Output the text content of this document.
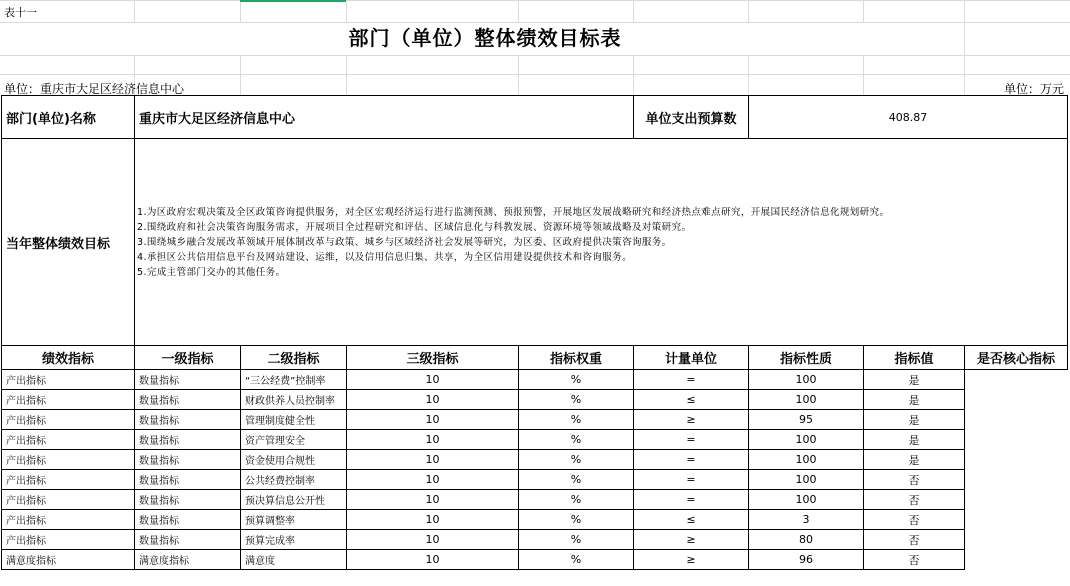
表十一
部门（单位）整体绩效目标表
单位：重庆市大足区经济信息中心	单位：万元
部门(单位)名称	重庆市大足区经济信息中心				单位支出预算数	408.87		
当年整体绩效目标	1.为区政府宏观决策及全区政策咨询提供服务，对全区宏观经济运行进行监测预测、预报预警，开展地区发展战略研究和经济热点难点研究，开展国民经济信息化规划研究。
2.围绕政府和社会决策咨询服务需求，开展项目全过程研究和评估、区域信息化与科教发展、资源环境等领域战略及对策研究。
3.围绕城乡融合发展改革领域开展体制改革与政策、城乡与区域经济社会发展等研究，为区委、区政府提供决策咨询服务。
4.承担区公共信用信息平台及网站建设、运维，以及信用信息归集、共享，为全区信用建设提供技术和咨询服务。
5.完成主管部门交办的其他任务。							

绩效指标	一级指标	二级指标	三级指标	指标权重	计量单位	指标性质	指标值	是否核心指标
产出指标	数量指标	“三公经费”控制率	10	%	=	100	是	
产出指标	数量指标	财政供养人员控制率	10	%	≤	100	是	
产出指标	数量指标	管理制度健全性	10	%	≥	95	是	
产出指标	数量指标	资产管理安全	10	%	=	100	是	
产出指标	数量指标	资金使用合规性	10	%	=	100	是	
产出指标	数量指标	公共经费控制率	10	%	=	100	否	
产出指标	数量指标	预决算信息公开性	10	%	=	100	否	
产出指标	数量指标	预算调整率	10	%	≤	3	否	
产出指标	数量指标	预算完成率	10	%	≥	80	否	
满意度指标	满意度指标	满意度	10	%	≥	96	否	
